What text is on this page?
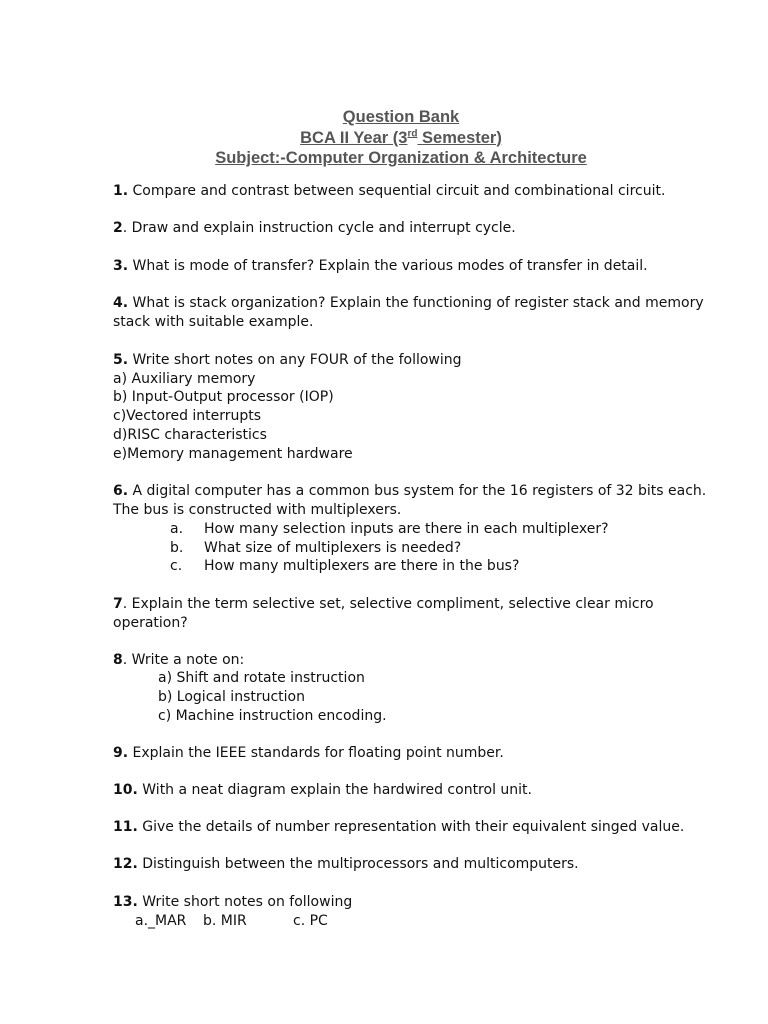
Question Bank
BCA II Year (3rd Semester)
Subject:-Computer Organization & Architecture
1. Compare and contrast between sequential circuit and combinational circuit.
2. Draw and explain instruction cycle and interrupt cycle.
3. What is mode of transfer? Explain the various modes of transfer in detail.
4. What is stack organization? Explain the functioning of register stack and memory
stack with suitable example.
5. Write short notes on any FOUR of the following
a) Auxiliary memory
b) Input-Output processor (IOP)
c)Vectored interrupts
d)RISC characteristics
e)Memory management hardware
6. A digital computer has a common bus system for the 16 registers of 32 bits each.
The bus is constructed with multiplexers.
a. How many selection inputs are there in each multiplexer?
b. What size of multiplexers is needed?
c. How many multiplexers are there in the bus?
7. Explain the term selective set, selective compliment, selective clear micro
operation?
8. Write a note on:
a) Shift and rotate instruction
b) Logical instruction
c) Machine instruction encoding.
9. Explain the IEEE standards for floating point number.
10. With a neat diagram explain the hardwired control unit.
11. Give the details of number representation with their equivalent singed value.
12. Distinguish between the multiprocessors and multicomputers.
13. Write short notes on following
a._MAR b. MIR	c. PC
